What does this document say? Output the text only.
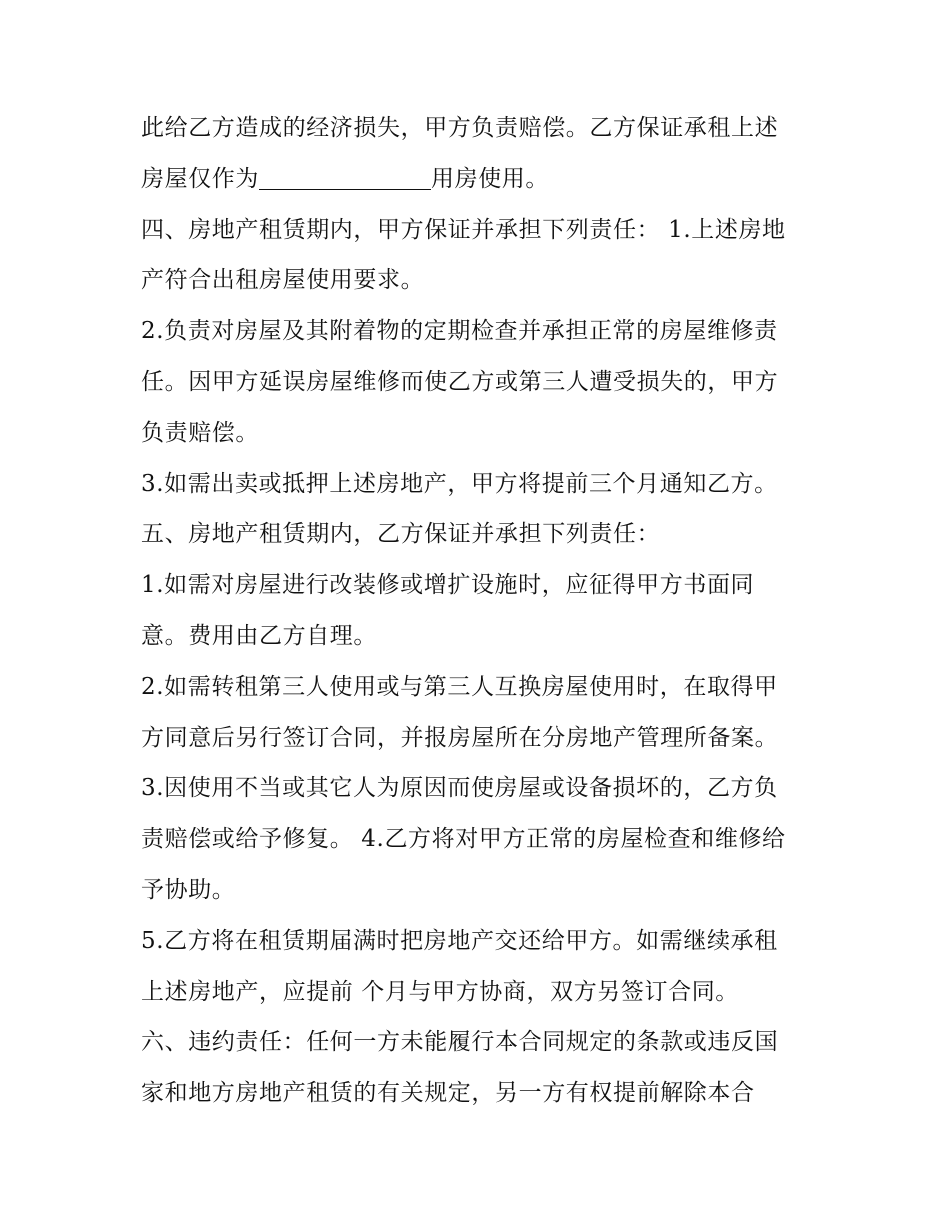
此给乙方造成的经济损失，甲方负责赔偿。乙方保证承租上述
房屋仅作为	用房使用。
四、房地产租赁期内，甲方保证并承担下列责任： 1.上述房地
产符合出租房屋使用要求。
2.负责对房屋及其附着物的定期检查并承担正常的房屋维修责
任。因甲方延误房屋维修而使乙方或第三人遭受损失的，甲方
负责赔偿。
3.如需出卖或抵押上述房地产，甲方将提前三个月通知乙方。
五、房地产租赁期内，乙方保证并承担下列责任：
1.如需对房屋进行改装修或增扩设施时，应征得甲方书面同
意。费用由乙方自理。
2.如需转租第三人使用或与第三人互换房屋使用时，在取得甲
方同意后另行签订合同，并报房屋所在分房地产管理所备案。
3.因使用不当或其它人为原因而使房屋或设备损坏的，乙方负
责赔偿或给予修复。 4.乙方将对甲方正常的房屋检查和维修给
予协助。
5.乙方将在租赁期届满时把房地产交还给甲方。如需继续承租
上述房地产，应提前 个月与甲方协商，双方另签订合同。
六、违约责任：任何一方未能履行本合同规定的条款或违反国
家和地方房地产租赁的有关规定，另一方有权提前解除本合
